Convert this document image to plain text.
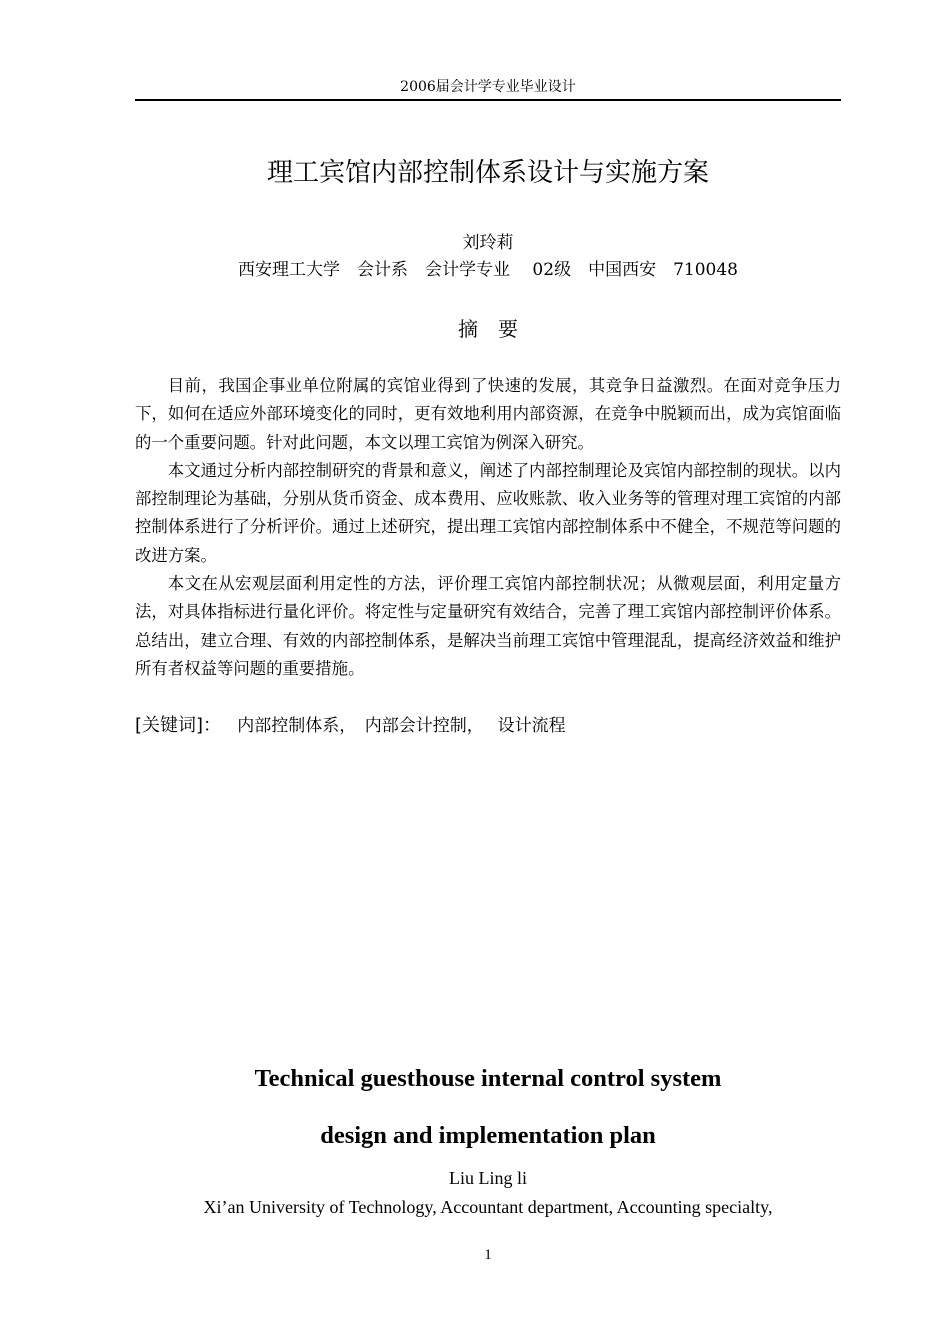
2006届会计学专业毕业设计
理工宾馆内部控制体系设计与实施方案
刘玲莉
西安理工大学　会计系　会计学专业　 02级　中国西安　710048
摘　要

目前，我国企事业单位附属的宾馆业得到了快速的发展，其竞争日益激烈。在面对竞争压力下，如何在适应外部环境变化的同时，更有效地利用内部资源，在竞争中脱颖而出，成为宾馆面临的一个重要问题。针对此问题，本文以理工宾馆为例深入研究。

本文通过分析内部控制研究的背景和意义，阐述了内部控制理论及宾馆内部控制的现状。以内部控制理论为基础，分别从货币资金、成本费用、应收账款、收入业务等的管理对理工宾馆的内部控制体系进行了分析评价。通过上述研究，提出理工宾馆内部控制体系中不健全，不规范等问题的改进方案。

本文在从宏观层面利用定性的方法，评价理工宾馆内部控制状况；从微观层面，利用定量方法，对具体指标进行量化评价。将定性与定量研究有效结合，完善了理工宾馆内部控制评价体系。总结出，建立合理、有效的内部控制体系，是解决当前理工宾馆中管理混乱，提高经济效益和维护所有者权益等问题的重要措施。

[关键词]： 内部控制体系，　内部会计控制，　 设计流程
Technical guesthouse internal control system
design and implementation plan
Liu Ling li
Xi’an University of Technology, Accountant department, Accounting specialty,
1
